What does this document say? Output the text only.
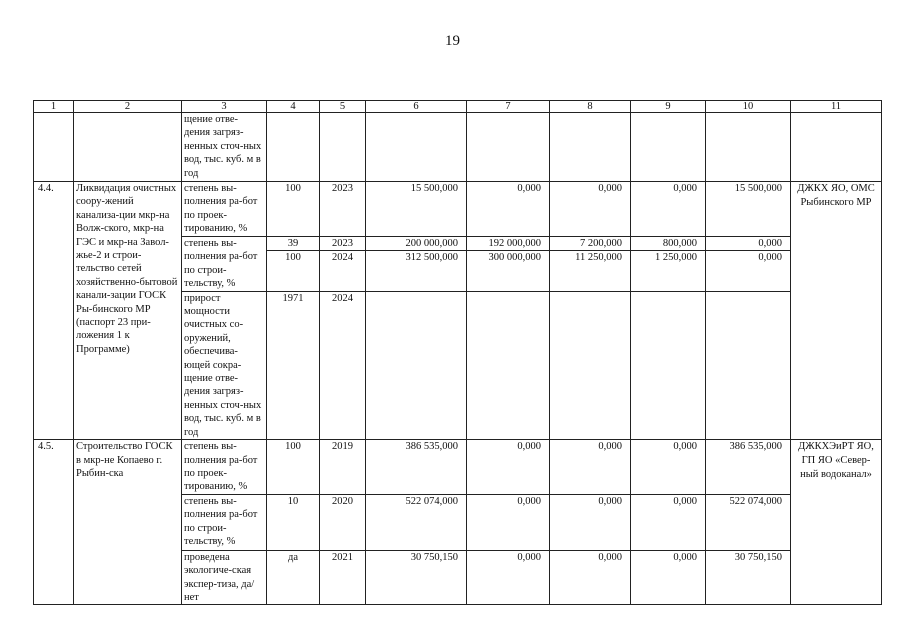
19
1	2	3	4	5	6	7	8	9	10	11
		щение отве-дения загряз-ненных сточ-ных вод, тыс. куб. м в год								
4.4.	Ликвидация очистных соору-жений канализа-ции мкр-на Волж-ского, мкр-на ГЭС и мкр-на Завол-жье-2 и строи-тельство сетей хозяйственно-бытовой канали-зации ГОСК Ры-бинского МР (паспорт 23 при-ложения 1 к Программе)	степень вы-полнения ра-бот по проек-тированию, %	100	2023	15 500,000	0,000	0,000	0,000	15 500,000	ДЖКХ ЯО, ОМС Рыбинского МР
		степень вы-полнения ра-бот по строи-тельству, %	39	2023	200 000,000	192 000,000	7 200,000	800,000	0,000	
			100	2024	312 500,000	300 000,000	11 250,000	1 250,000	0,000	
		прирост мощности очистных со-оружений, обеспечива-ющей сокра-щение отве-дения загряз-ненных сточ-ных вод, тыс. куб. м в год	1971	2024						
4.5.	Строительство ГОСК в мкр-не Копаево г. Рыбин-ска	степень вы-полнения ра-бот по проек-тированию, %	100	2019	386 535,000	0,000	0,000	0,000	386 535,000	ДЖКХЭиРТ ЯО, ГП ЯО «Север-ный водоканал»
		степень вы-полнения ра-бот по строи-тельству, %	10	2020	522 074,000	0,000	0,000	0,000	522 074,000	
		проведена экологиче-ская экспер-тиза, да/нет	да	2021	30 750,150	0,000	0,000	0,000	30 750,150	
